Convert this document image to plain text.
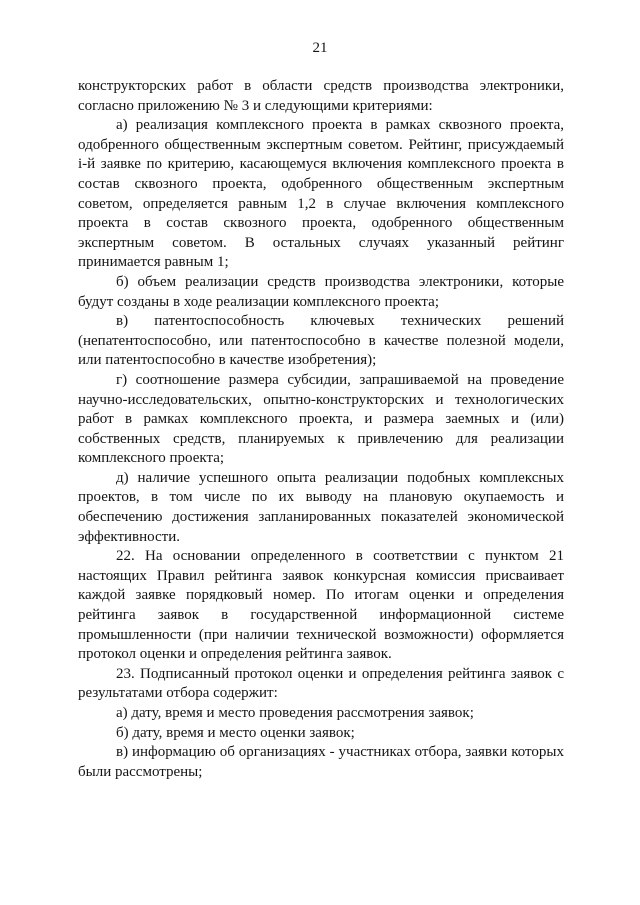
21

конструкторских работ в области средств производства электроники, согласно приложению № 3 и следующими критериями:

а) реализация комплексного проекта в рамках сквозного проекта, одобренного общественным экспертным советом. Рейтинг, присуждаемый i-й заявке по критерию, касающемуся включения комплексного проекта в состав сквозного проекта, одобренного общественным экспертным советом, определяется равным 1,2 в случае включения комплексного проекта в состав сквозного проекта, одобренного общественным экспертным советом. В остальных случаях указанный рейтинг принимается равным 1;

б) объем реализации средств производства электроники, которые будут созданы в ходе реализации комплексного проекта;

в) патентоспособность ключевых технических решений (непатентоспособно, или патентоспособно в качестве полезной модели, или патентоспособно в качестве изобретения);

г) соотношение размера субсидии, запрашиваемой на проведение научно-исследовательских, опытно-конструкторских и технологических работ в рамках комплексного проекта, и размера заемных и (или) собственных средств, планируемых к привлечению для реализации комплексного проекта;

д) наличие успешного опыта реализации подобных комплексных проектов, в том числе по их выводу на плановую окупаемость и обеспечению достижения запланированных показателей экономической эффективности.

22. На основании определенного в соответствии с пунктом 21 настоящих Правил рейтинга заявок конкурсная комиссия присваивает каждой заявке порядковый номер. По итогам оценки и определения рейтинга заявок в государственной информационной системе промышленности (при наличии технической возможности) оформляется протокол оценки и определения рейтинга заявок.

23. Подписанный протокол оценки и определения рейтинга заявок с результатами отбора содержит:

а) дату, время и место проведения рассмотрения заявок;

б) дату, время и место оценки заявок;

в) информацию об организациях - участниках отбора, заявки которых были рассмотрены;
